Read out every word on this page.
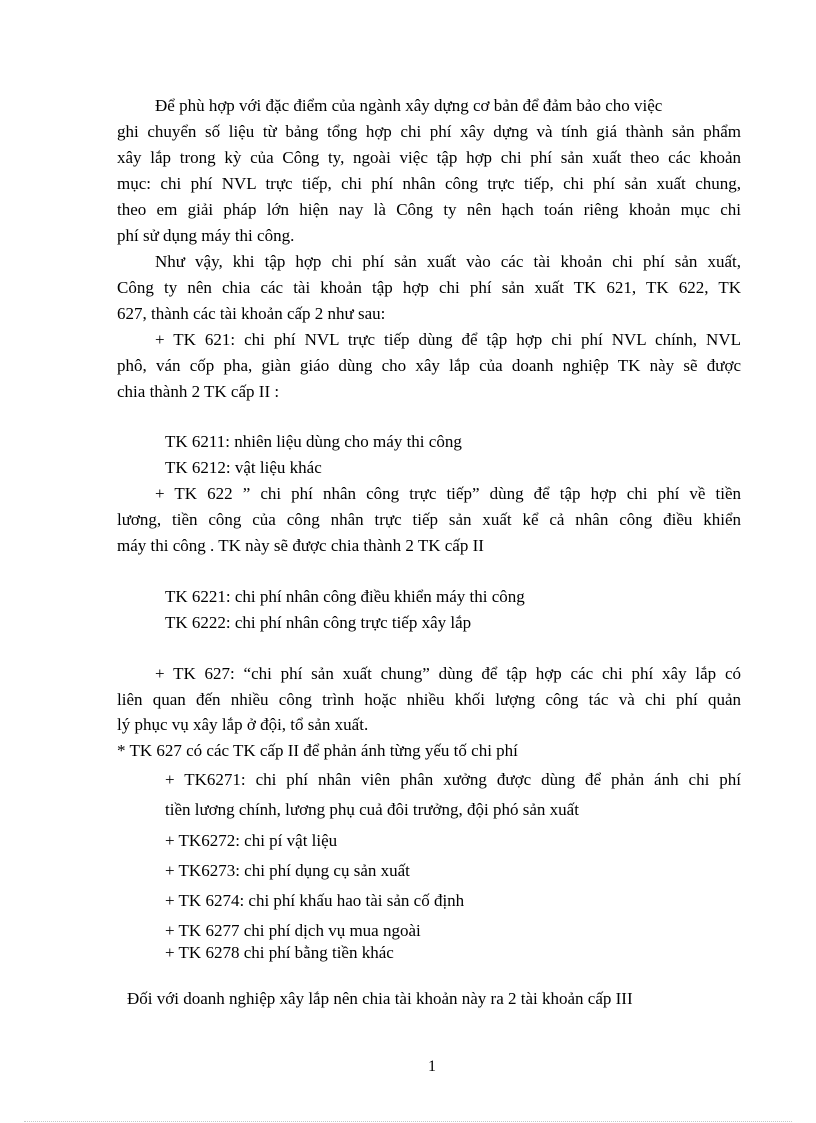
Để phù hợp với đặc điểm của ngành xây dựng cơ bản để đảm bảo cho việc
ghi chuyển số liệu từ bảng tổng hợp chi phí xây dựng và tính giá thành sản phẩm
xây lắp trong kỳ của Công ty, ngoài việc tập hợp chi phí sản xuất theo các khoản
mục: chi phí NVL trực tiếp, chi phí nhân công trực tiếp, chi phí sản xuất chung,
theo em giải pháp lớn hiện nay là Công ty nên hạch toán riêng khoản mục chi
phí sử dụng máy thi công.
Như vậy, khi tập hợp chi phí sản xuất vào các tài khoản chi phí sản xuất,
Công ty nên chia các tài khoản tập hợp chi phí sản xuất TK 621, TK 622, TK
627, thành các tài khoản cấp 2 như sau:
+ TK 621: chi phí NVL trực tiếp dùng để tập hợp chi phí NVL chính, NVL
phô, ván cốp pha, giàn giáo dùng cho xây lắp của doanh nghiệp TK này sẽ được
chia thành 2 TK cấp II :
TK 6211: nhiên liệu dùng cho máy thi công
TK 6212: vật liệu khác
+ TK 622 ” chi phí nhân công trực tiếp” dùng để tập hợp chi phí về tiền
lương, tiền công của công nhân trực tiếp sản xuất kể cả nhân công điều khiển
máy thi công . TK này sẽ được chia thành 2 TK cấp II
TK 6221: chi phí nhân công điều khiển máy thi công
TK 6222: chi phí nhân công trực tiếp xây lắp
+ TK 627: “chi phí sản xuất chung” dùng để tập hợp các chi phí xây lắp có
liên quan đến nhiều công trình hoặc nhiều khối lượng công tác và chi phí quản
lý phục vụ xây lắp ở đội, tổ sản xuất.
* TK 627 có các TK cấp II để phản ánh từng yếu tố chi phí
+ TK6271: chi phí nhân viên phân xưởng được dùng để phản ánh chi phí
tiền lương chính, lương phụ cuả đôi trưởng, đội phó sản xuất
+ TK6272: chi pí vật liệu
+ TK6273: chi phí dụng cụ sản xuất
+ TK 6274: chi phí khấu hao tài sản cố định
+ TK 6277 chi phí dịch vụ mua ngoài
+ TK 6278 chi phí bằng tiền khác
Đối với doanh nghiệp xây lắp nên chia tài khoản này ra 2 tài khoản cấp III
1
